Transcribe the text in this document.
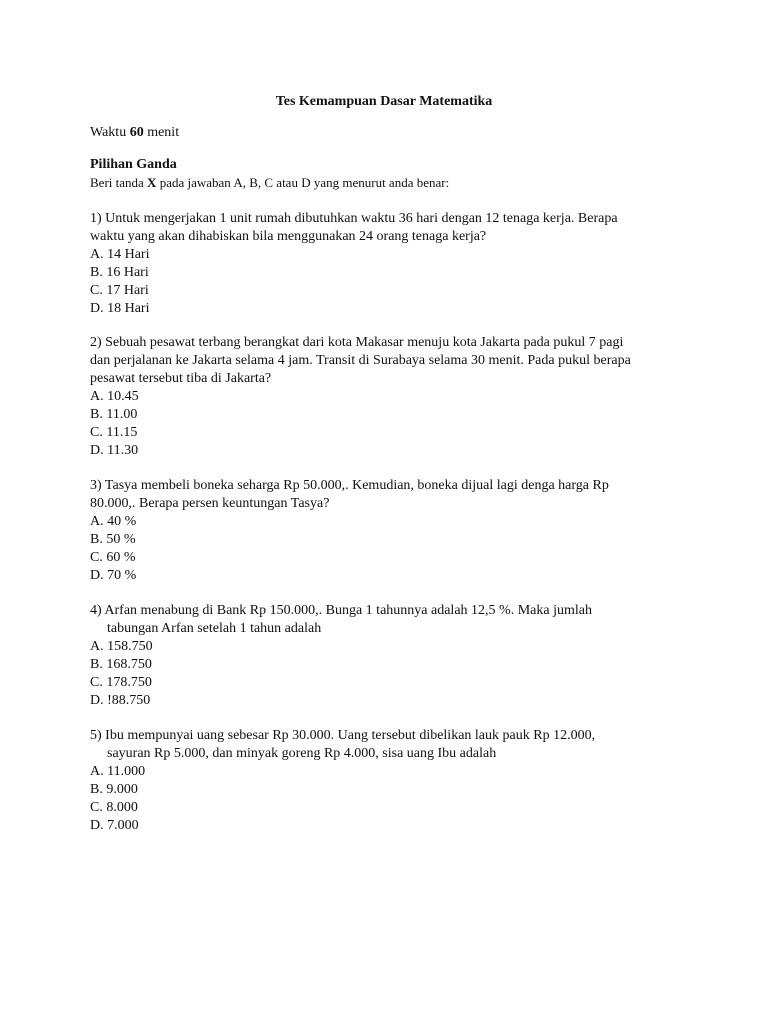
Tes Kemampuan Dasar Matematika
Waktu 60 menit
Pilihan Ganda
Beri tanda X pada jawaban A, B, C atau D yang menurut anda benar:

1) Untuk mengerjakan 1 unit rumah dibutuhkan waktu 36 hari dengan 12 tenaga kerja. Berapa

waktu yang akan dihabiskan bila menggunakan 24 orang tenaga kerja?

A. 14 Hari
B. 16 Hari
C. 17 Hari
D. 18 Hari

2) Sebuah pesawat terbang berangkat dari kota Makasar menuju kota Jakarta pada pukul 7 pagi

dan perjalanan ke Jakarta selama 4 jam. Transit di Surabaya selama 30 menit. Pada pukul berapa

pesawat tersebut tiba di Jakarta?

A. 10.45
B. 11.00
C. 11.15
D. 11.30

3) Tasya membeli boneka seharga Rp 50.000,. Kemudian, boneka dijual lagi denga harga Rp

80.000,. Berapa persen keuntungan Tasya?

A. 40 %
B. 50 %
C. 60 %
D. 70 %

4) Arfan menabung di Bank Rp 150.000,. Bunga 1 tahunnya adalah 12,5 %. Maka jumlah

tabungan Arfan setelah 1 tahun adalah

A. 158.750
B. 168.750
C. 178.750
D. !88.750

5) Ibu mempunyai uang sebesar Rp 30.000. Uang tersebut dibelikan lauk pauk Rp 12.000,

sayuran Rp 5.000, dan minyak goreng Rp 4.000, sisa uang Ibu adalah

A. 11.000
B. 9.000
C. 8.000
D. 7.000
